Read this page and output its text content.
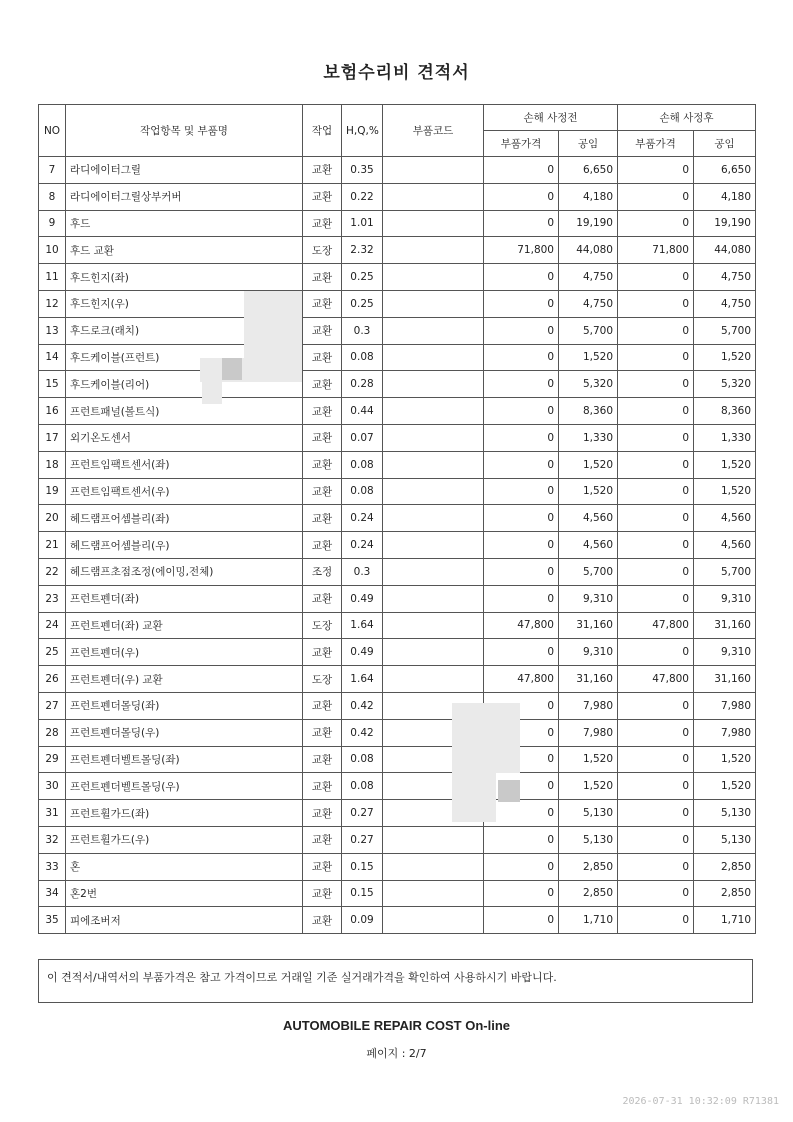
보험수리비 견적서
NO	작업항목 및 부품명	작업	H,Q,%	부품코드	손해 사정전		손해 사정후	
					부품가격	공임	부품가격	공임
7	라디에이터그릴	교환	0.35		0	6,650	0	6,650
8	라디에이터그릴상부커버	교환	0.22		0	4,180	0	4,180
9	후드	교환	1.01		0	19,190	0	19,190
10	후드 교환	도장	2.32		71,800	44,080	71,800	44,080
11	후드힌지(좌)	교환	0.25		0	4,750	0	4,750
12	후드힌지(우)	교환	0.25		0	4,750	0	4,750
13	후드로크(래치)	교환	0.3		0	5,700	0	5,700
14	후드케이블(프런트)	교환	0.08		0	1,520	0	1,520
15	후드케이블(리어)	교환	0.28		0	5,320	0	5,320
16	프런트패널(볼트식)	교환	0.44		0	8,360	0	8,360
17	외기온도센서	교환	0.07		0	1,330	0	1,330
18	프런트임팩트센서(좌)	교환	0.08		0	1,520	0	1,520
19	프런트임팩트센서(우)	교환	0.08		0	1,520	0	1,520
20	헤드램프어셈블리(좌)	교환	0.24		0	4,560	0	4,560
21	헤드램프어셈블리(우)	교환	0.24		0	4,560	0	4,560
22	헤드램프초점조정(에이밍,전체)	조정	0.3		0	5,700	0	5,700
23	프런트펜더(좌)	교환	0.49		0	9,310	0	9,310
24	프런트펜더(좌) 교환	도장	1.64		47,800	31,160	47,800	31,160
25	프런트펜더(우)	교환	0.49		0	9,310	0	9,310
26	프런트펜더(우) 교환	도장	1.64		47,800	31,160	47,800	31,160
27	프런트펜더몰딩(좌)	교환	0.42		0	7,980	0	7,980
28	프런트펜더몰딩(우)	교환	0.42		0	7,980	0	7,980
29	프런트펜더벨트몰딩(좌)	교환	0.08		0	1,520	0	1,520
30	프런트펜더벨트몰딩(우)	교환	0.08		0	1,520	0	1,520
31	프런트휠가드(좌)	교환	0.27		0	5,130	0	5,130
32	프런트휠가드(우)	교환	0.27		0	5,130	0	5,130
33	혼	교환	0.15		0	2,850	0	2,850
34	혼2번	교환	0.15		0	2,850	0	2,850
35	피에조버저	교환	0.09		0	1,710	0	1,710
이 견적서/내역서의 부품가격은 참고 가격이므로 거래일 기준 실거래가격을 확인하여 사용하시기 바랍니다.
AUTOMOBILE REPAIR COST On-line
페이지 : 2/7
2026-07-31 10:32:09 R71381
